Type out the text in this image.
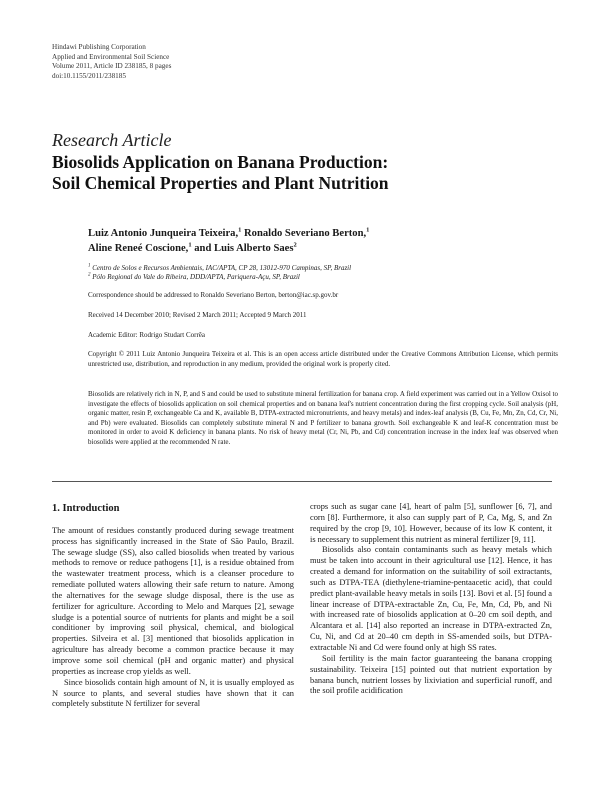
Hindawi Publishing Corporation
Applied and Environmental Soil Science
Volume 2011, Article ID 238185, 8 pages
doi:10.1155/2011/238185
Research Article
Biosolids Application on Banana Production:
Soil Chemical Properties and Plant Nutrition
Luiz Antonio Junqueira Teixeira,$^1$ Ronaldo Severiano Berton,$^1$
Aline Reneé Coscione,$^1$ and Luis Alberto Saes$^2$
$^1$ Centro de Solos e Recursos Ambientais, IAC/APTA, CP 28, 13012-970 Campinas, SP, Brazil
$^2$ Pólo Regional do Vale do Ribeira, DDD/APTA, Pariquera-Açu, SP, Brazil
Correspondence should be addressed to Ronaldo Severiano Berton, berton@iac.sp.gov.br
Received 14 December 2010; Revised 2 March 2011; Accepted 9 March 2011
Academic Editor: Rodrigo Studart Corrêa
Copyright © 2011 Luiz Antonio Junqueira Teixeira et al. This is an open access article distributed under the Creative Commons Attribution License, which permits unrestricted use, distribution, and reproduction in any medium, provided the original work is properly cited.
Biosolids are relatively rich in N, P, and S and could be used to substitute mineral fertilization for banana crop. A field experiment was carried out in a Yellow Oxisol to investigate the effects of biosolids application on soil chemical properties and on banana leaf's nutrient concentration during the first cropping cycle. Soil analysis (pH, organic matter, resin P, exchangeable Ca and K, available B, DTPA-extracted micronutrients, and heavy metals) and index-leaf analysis (B, Cu, Fe, Mn, Zn, Cd, Cr, Ni, and Pb) were evaluated. Biosolids can completely substitute mineral N and P fertilizer to banana growth. Soil exchangeable K and leaf-K concentration must be monitored in order to avoid K deficiency in banana plants. No risk of heavy metal (Cr, Ni, Pb, and Cd) concentration increase in the index leaf was observed when biosolids were applied at the recommended N rate.
1. Introduction

The amount of residues constantly produced during sewage treatment process has significantly increased in the State of São Paulo, Brazil. The sewage sludge (SS), also called biosolids when treated by various methods to remove or reduce pathogens [1], is a residue obtained from the wastewater treatment process, which is a cleanser procedure to remediate polluted waters allowing their safe return to nature. Among the alternatives for the sewage sludge disposal, there is the use as fertilizer for agriculture. According to Melo and Marques [2], sewage sludge is a potential source of nutrients for plants and might be a soil conditioner by improving soil physical, chemical, and biological properties. Silveira et al. [3] mentioned that biosolids application in agriculture has already become a common practice because it may improve some soil chemical (pH and organic matter) and physical properties as increase crop yields as well.

Since biosolids contain high amount of N, it is usually employed as N source to plants, and several studies have shown that it can completely substitute N fertilizer for several

crops such as sugar cane [4], heart of palm [5], sunflower [6, 7], and corn [8]. Furthermore, it also can supply part of P, Ca, Mg, S, and Zn required by the crop [9, 10]. However, because of its low K content, it is necessary to supplement this nutrient as mineral fertilizer [9, 11].

Biosolids also contain contaminants such as heavy metals which must be taken into account in their agricultural use [12]. Hence, it has created a demand for information on the suitability of soil extractants, such as DTPA-TEA (diethylene-triamine-pentaacetic acid), that could predict plant-available heavy metals in soils [13]. Bovi et al. [5] found a linear increase of DTPA-extractable Zn, Cu, Fe, Mn, Cd, Pb, and Ni with increased rate of biosolids application at 0–20 cm soil depth, and Alcantara et al. [14] also reported an increase in DTPA-extracted Zn, Cu, Ni, and Cd at 20–40 cm depth in SS-amended soils, but DTPA-extractable Ni and Cd were found only at high SS rates.

Soil fertility is the main factor guaranteeing the banana cropping sustainability. Teixeira [15] pointed out that nutrient exportation by banana bunch, nutrient losses by lixiviation and superficial runoff, and the soil profile acidification
